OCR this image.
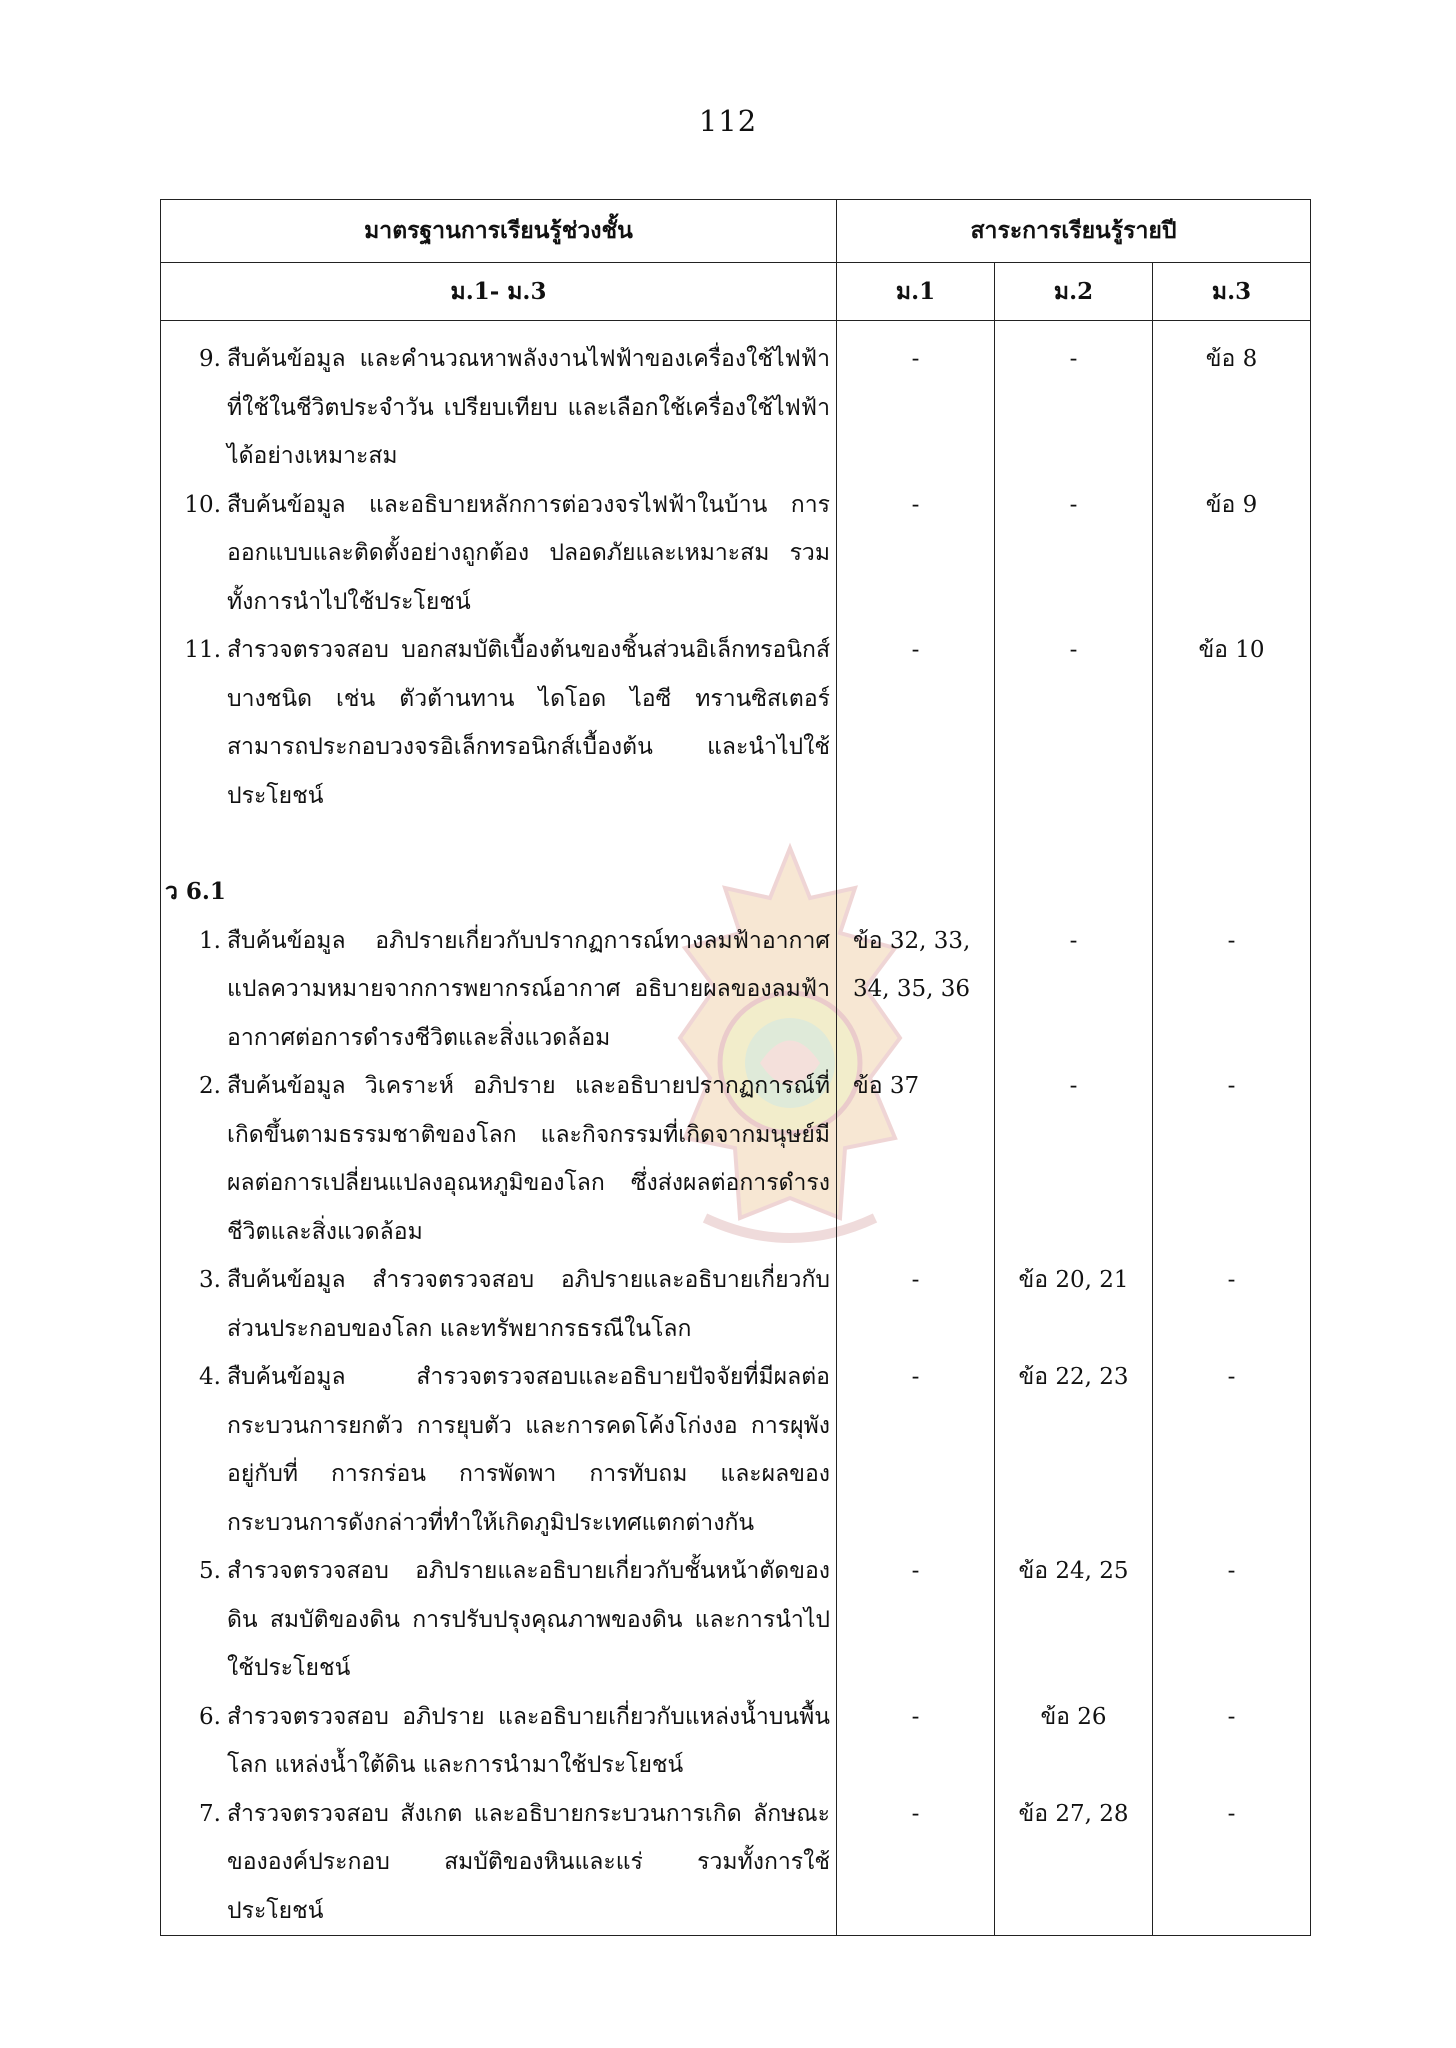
112
มาตรฐานการเรียนรู้ช่วงชั้น	สาระการเรียนรู้รายปี		
ม.1- ม.3	ม.1	ม.2	ม.3

9. สืบค้นข้อมูล และคำนวณหาพลังงานไฟฟ้าของเครื่องใช้ไฟฟ้าที่ใช้ในชีวิตประจำวัน เปรียบเทียบ และเลือกใช้เครื่องใช้ไฟฟ้าได้อย่างเหมาะสม	-	-	ข้อ 8

10. สืบค้นข้อมูล และอธิบายหลักการต่อวงจรไฟฟ้าในบ้าน การออกแบบและติดตั้งอย่างถูกต้อง ปลอดภัยและเหมาะสม รวมทั้งการนำไปใช้ประโยชน์	-	-	ข้อ 9

11. สำรวจตรวจสอบ บอกสมบัติเบื้องต้นของชิ้นส่วนอิเล็กทรอนิกส์บางชนิด เช่น ตัวต้านทาน ไดโอด ไอซี ทรานซิสเตอร์ สามารถประกอบวงจรอิเล็กทรอนิกส์เบื้องต้น และนำไปใช้ประโยชน์	-	-	ข้อ 10

ว 6.1			

1. สืบค้นข้อมูล อภิปรายเกี่ยวกับปรากฏการณ์ทางลมฟ้าอากาศ แปลความหมายจากการพยากรณ์อากาศ อธิบายผลของลมฟ้าอากาศต่อการดำรงชีวิตและสิ่งแวดล้อม	ข้อ 32, 33, 34, 35, 36	-	-

2. สืบค้นข้อมูล วิเคราะห์ อภิปราย และอธิบายปรากฏการณ์ที่เกิดขึ้นตามธรรมชาติของโลก และกิจกรรมที่เกิดจากมนุษย์มีผลต่อการเปลี่ยนแปลงอุณหภูมิของโลก ซึ่งส่งผลต่อการดำรงชีวิตและสิ่งแวดล้อม	ข้อ 37	-	-

3. สืบค้นข้อมูล สำรวจตรวจสอบ อภิปรายและอธิบายเกี่ยวกับส่วนประกอบของโลก และทรัพยากรธรณีในโลก	-	ข้อ 20, 21	-

4. สืบค้นข้อมูล สำรวจตรวจสอบและอธิบายปัจจัยที่มีผลต่อกระบวนการยกตัว การยุบตัว และการคดโค้งโก่งงอ การผุพังอยู่กับที่ การกร่อน การพัดพา การทับถม และผลของกระบวนการดังกล่าวที่ทำให้เกิดภูมิประเทศแตกต่างกัน	-	ข้อ 22, 23	-

5. สำรวจตรวจสอบ อภิปรายและอธิบายเกี่ยวกับชั้นหน้าตัดของดิน สมบัติของดิน การปรับปรุงคุณภาพของดิน และการนำไปใช้ประโยชน์	-	ข้อ 24, 25	-

6. สำรวจตรวจสอบ อภิปราย และอธิบายเกี่ยวกับแหล่งน้ำบนพื้นโลก แหล่งน้ำใต้ดิน และการนำมาใช้ประโยชน์	-	ข้อ 26	-

7. สำรวจตรวจสอบ สังเกต และอธิบายกระบวนการเกิด ลักษณะขององค์ประกอบ สมบัติของหินและแร่ รวมทั้งการใช้ประโยชน์	-	ข้อ 27, 28	-
